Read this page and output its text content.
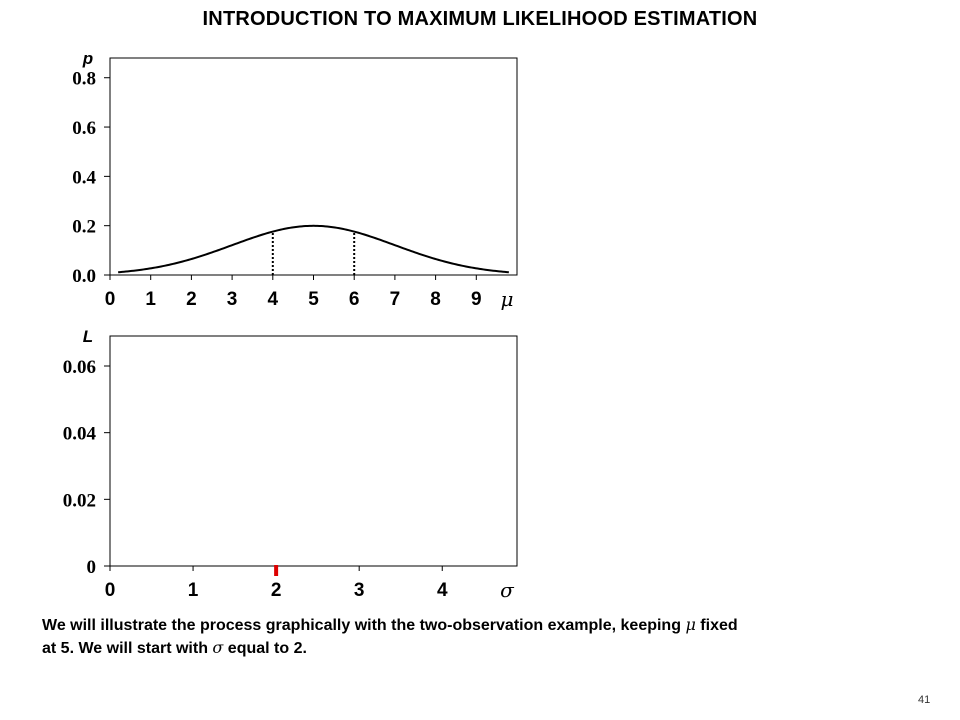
INTRODUCTION TO MAXIMUM LIKELIHOOD ESTIMATION
0 1 2 3 4 5 6 7 8 9
0.0
0.2
0.4
0.6
0.8
p
μ
0	1	2	3	4
0
0.02
0.04
0.06
L
σ
We will illustrate the process graphically with the two-observation example, keeping μ fixed
at 5. We will start with σ equal to 2.
41
